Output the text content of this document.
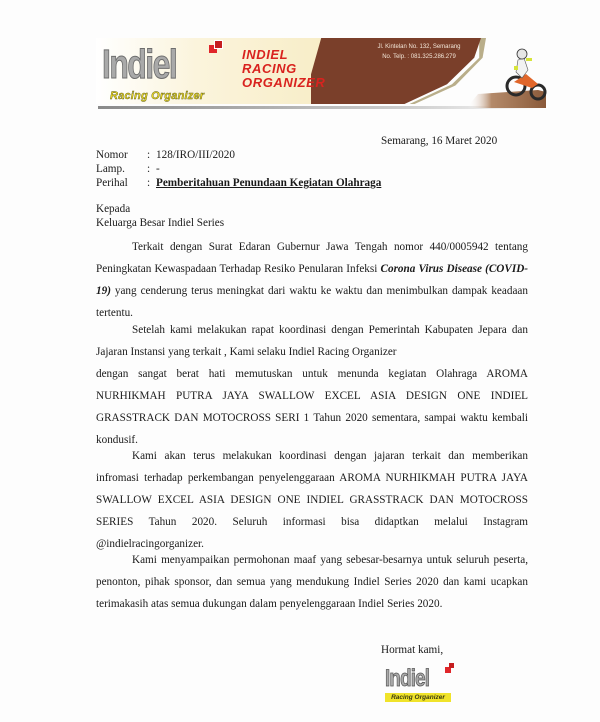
Indiel
Racing Organizer
INDIEL
RACING
ORGANIZER
Jl. Kintelan No. 132, Semarang
No. Telp. : 081.325.286.279
Semarang, 16 Maret 2020
Nomor	: 128/IRO/III/2020
Lamp.	: -
Perihal	: Pemberitahuan Penundaan Kegiatan Olahraga
Kepada
Keluarga Besar Indiel Series
Terkait dengan Surat Edaran Gubernur Jawa Tengah nomor 440/0005942 tentang Peningkatan Kewaspadaan Terhadap Resiko Penularan Infeksi Corona Virus Disease (COVID-19) yang cenderung terus meningkat dari waktu ke waktu dan menimbulkan dampak keadaan tertentu.
Setelah kami melakukan rapat koordinasi dengan Pemerintah Kabupaten Jepara dan Jajaran Instansi yang terkait , Kami selaku Indiel Racing Organizer
dengan sangat berat hati memutuskan untuk menunda kegiatan Olahraga AROMA NURHIKMAH PUTRA JAYA SWALLOW EXCEL ASIA DESIGN ONE INDIEL GRASSTRACK DAN MOTOCROSS SERI 1 Tahun 2020 sementara, sampai waktu kembali kondusif.
Kami akan terus melakukan koordinasi dengan jajaran terkait dan memberikan infromasi terhadap perkembangan penyelenggaraan AROMA NURHIKMAH PUTRA JAYA SWALLOW EXCEL ASIA DESIGN ONE INDIEL GRASSTRACK DAN MOTOCROSS SERIES Tahun 2020. Seluruh informasi bisa didaptkan melalui Instagram @indielracingorganizer.
Kami menyampaikan permohonan maaf yang sebesar-besarnya untuk seluruh peserta, penonton, pihak sponsor, dan semua yang mendukung Indiel Series 2020 dan kami ucapkan terimakasih atas semua dukungan dalam penyelenggaraan Indiel Series 2020.
Hormat kami,
Indiel
Racing Organizer
